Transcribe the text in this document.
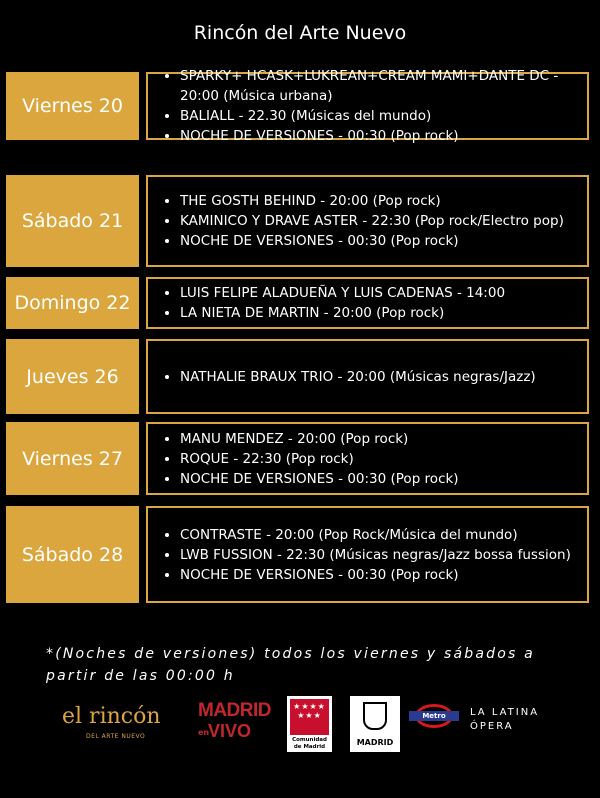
Rincón del Arte Nuevo
Viernes 20
• SPARKY+ HCASK+LUKREAN+CREAM MAMI+DANTE DC - 20:00 (Música urbana)
• BALIALL - 22.30 (Músicas del mundo)
• NOCHE DE VERSIONES - 00:30 (Pop rock)
Sábado 21
• THE GOSTH BEHIND - 20:00 (Pop rock)
• KAMINICO Y DRAVE ASTER - 22:30 (Pop rock/Electro pop)
• NOCHE DE VERSIONES - 00:30 (Pop rock)
Domingo 22	• LUIS FELIPE ALADUEÑA Y LUIS CADENAS - 14:00
• LA NIETA DE MARTIN - 20:00 (Pop rock)
Jueves 26	• NATHALIE BRAUX TRIO - 20:00 (Músicas negras/Jazz)
Viernes 27
• MANU MENDEZ - 20:00 (Pop rock)
• ROQUE - 22:30 (Pop rock)
• NOCHE DE VERSIONES - 00:30 (Pop rock)
Sábado 28
• CONTRASTE - 20:00 (Pop Rock/Música del mundo)
• LWB FUSSION - 22:30 (Músicas negras/Jazz bossa fussion)
• NOCHE DE VERSIONES - 00:30 (Pop rock)
*(Noches de versiones) todos los viernes y sábados a partir de las 00:00 h
el rincón
DEL ARTE NUEVO
MADRID
en
VIVO
★★★★
★★★
Comunidad
de Madrid	MADRID
Metro	LA LATINA
ÓPERA
